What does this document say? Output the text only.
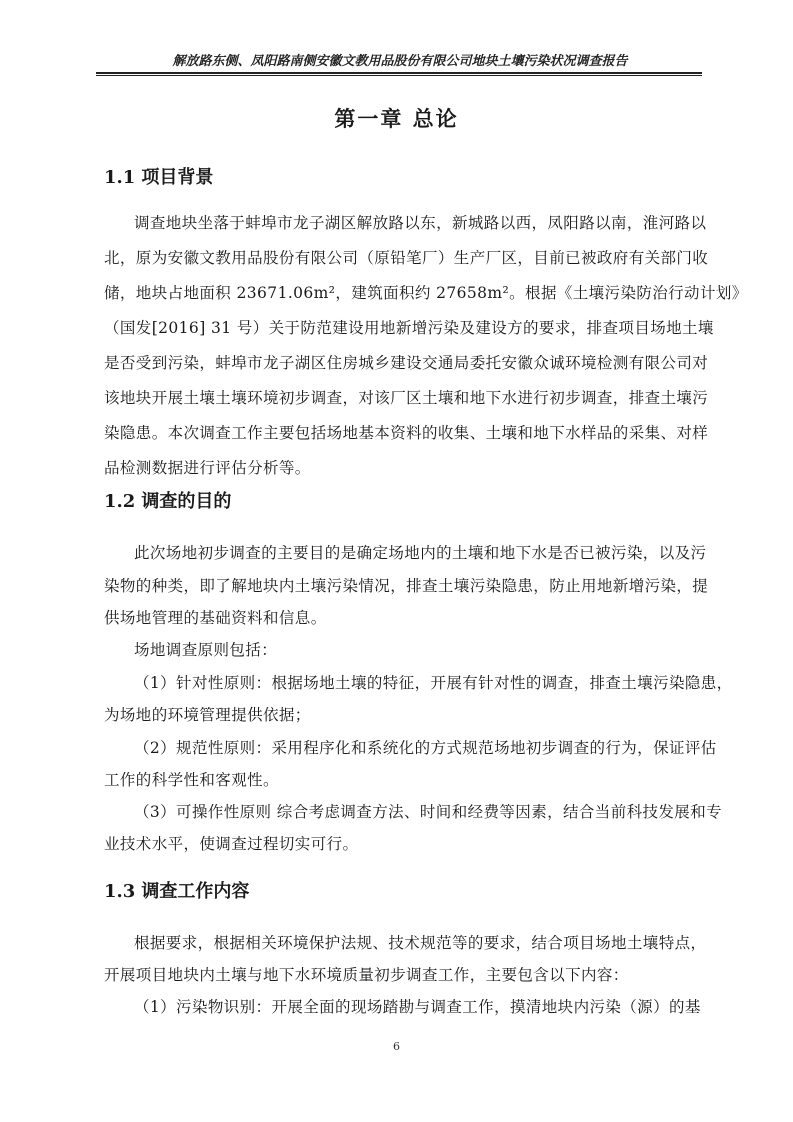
解放路东侧、凤阳路南侧安徽文教用品股份有限公司地块土壤污染状况调查报告
第一章 总论
1.1 项目背景
调查地块坐落于蚌埠市龙子湖区解放路以东，新城路以西，凤阳路以南，淮河路以
北，原为安徽文教用品股份有限公司（原铅笔厂）生产厂区，目前已被政府有关部门收
储，地块占地面积 23671.06m²，建筑面积约 27658m²。根据《土壤污染防治行动计划》
（国发[2016] 31 号）关于防范建设用地新增污染及建设方的要求，排查项目场地土壤
是否受到污染，蚌埠市龙子湖区住房城乡建设交通局委托安徽众诚环境检测有限公司对
该地块开展土壤土壤环境初步调查，对该厂区土壤和地下水进行初步调查，排查土壤污
染隐患。本次调查工作主要包括场地基本资料的收集、土壤和地下水样品的采集、对样
品检测数据进行评估分析等。
1.2 调查的目的
此次场地初步调查的主要目的是确定场地内的土壤和地下水是否已被污染，以及污
染物的种类，即了解地块内土壤污染情况，排查土壤污染隐患，防止用地新增污染，提
供场地管理的基础资料和信息。
场地调查原则包括：
（1）针对性原则：根据场地土壤的特征，开展有针对性的调查，排查土壤污染隐患，
为场地的环境管理提供依据；
（2）规范性原则：采用程序化和系统化的方式规范场地初步调查的行为，保证评估
工作的科学性和客观性。
（3）可操作性原则 综合考虑调查方法、时间和经费等因素，结合当前科技发展和专
业技术水平，使调查过程切实可行。
1.3 调查工作内容
根据要求，根据相关环境保护法规、技术规范等的要求，结合项目场地土壤特点，
开展项目地块内土壤与地下水环境质量初步调查工作，主要包含以下内容：
（1）污染物识别：开展全面的现场踏勘与调查工作，摸清地块内污染（源）的基
6
